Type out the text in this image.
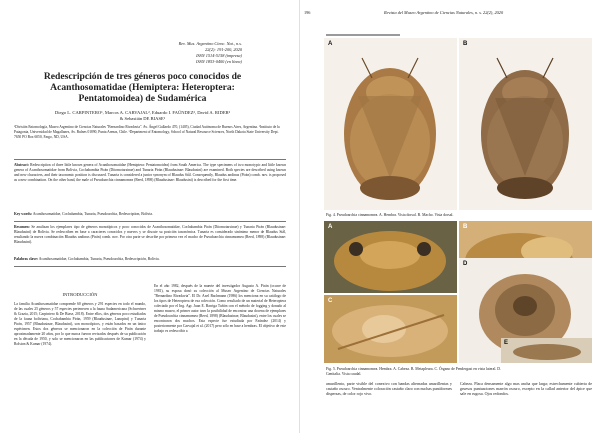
Rev. Mus. Argentino Cienc. Nat., n.s.
22(2): 191-200, 2020
ISSN 1514-5158 (impresa)
ISSN 1853-0400 (en línea)
Redescripción de tres géneros poco conocidos de
Acanthosomatidae (Hemiptera: Heteroptera:
Pentatomoidea) de Sudamérica
Diego L. CARPINTERO¹, Marcos A. CARVAJAL², Eduardo I. FAÚNDEZ², David A. RIDER³
& Sebastián DE BIASE¹
¹División Entomología, Museo Argentino de Ciencias Naturales "Bernardino Rivadavia". Av. Ángel Gallardo 470, (1405), Ciudad Autónoma de Buenos Aires, Argentina. ²Instituto de la Patagonia, Universidad de Magallanes, Av. Bulnes 01890, Punta Arenas, Chile. ³Department of Entomology, School of Natural Resource Sciences, North Dakota State University Dept. 7650 PO Box 6050, Fargo, ND, USA.
Abstract: Redescription of three little known genera of Acanthosomatidae (Hemiptera: Pentatomoidea) from South America. The type specimens of two monotypic and little known genera of Acanthosomatidae from Bolivia, Cochabambia Pirán (Ditomotarsinae) and Tunaria Pirán (Blaudusinae: Blaudusini) are examined. Both species are described using known and new characters, and their taxonomic position is discussed. Tunaria is considered a junior synonym of Blaudus Stål. Consequently, Blaudus andinus (Pirán) comb. nov. is proposed as a new combination. On the other hand, the male of Pseudoarchia cinnamomea (Reed, 1898) (Blaudusinae: Blaudusini) is described for the first time.
Key words: Acanthosomatidae, Cochabambia, Tunaria, Pseudoarchia, Redescription, Bolivia.
Resumen: Se analizan los ejemplares tipo de géneros monotípicos y poco conocidos de Acanthosomatidae, Cochabambia Pirán (Ditomotarsinae) y Tunaria Pirán (Blaudusinae: Blaudusini) de Bolivia. Se redescriben en base a caracteres conocidos y nuevos y se discute su posición taxonómica. Tunaria es considerado sinónimo menor de Blaudus Stål, resultando la nueva combinación Blaudus andinus (Pirán) comb. nov. Por otra parte se describe por primera vez el macho de Pseudoarchia cinnamomea (Reed, 1898) (Blaudusinae: Blaudusini).
Palabras clave: Acanthosomatidae, Cochabambia, Tunaria, Pseudoarchia, Redescripción, Bolivia.
INTRODUCCIÓN
La familia Acanthosomatidae comprende 60 géneros y 291 especies en todo el mundo, de las cuales 25 géneros y 57 especies pertenecen a la fauna Sudamericana (Schwertner & Grazia, 2015; Carpintero & De Biase, 2018). Entre ellos, dos géneros poco estudiados de la fauna boliviana, Cochabambia Pirán, 1959 (Blaudusinae, Lanopini) y Tunaria Pirán, 1957 (Blaudusinae, Blaudusini), son monotípicos, y están basados en un único espécimen. Estos dos géneros se mencionaron en la colección de Pirán durante aproximadamente 20 años, por lo que nunca fueron revisados después de su publicación en la década de 1950, y solo se mencionaron en las publicaciones de Kumar (1974) y Rolston & Kumar (1974).
En el año 1982, después de la muerte del investigador Augusto A. Pirán (ocurre de 1981), su esposa donó su colección al Museo Argentino de Ciencias Naturales "Bernardino Rivadavia". El Dr. Axel Bachmann (1986) los menciona en su catálogo de los tipos de Heteroptera de esa colección. Como resultado de un material de Heteroptera colectado por el Ing. Agr. Juan E. Barriga Tuñón con el método de fogging y donado al mismo museo, el primer autor tuvo la posibilidad de encontrar una docena de ejemplares de Pseudoarchia cinnamomea (Reed, 1898) (Blaudusinae, Blaudusini), entre los cuales se encontraron dos machos. Esta especie fue estudiada por Faúndez (2014) y posteriormente por Carvajal et al. (2017) pero sólo en base a hembras. El objetivo de este trabajo es redescribir a
196	Revista del Museo Argentino de Ciencias Naturales, n. s. 22(2), 2020
A	B
Fig. 4. Pseudoarchia cinnamomea. A. Hembra. Vista dorsal. B. Macho. Vista dorsal.
A	B
C
D
E
Fig. 5. Pseudoarchia cinnamomea. Hembra. A. Cabeza. B. Metapleura. C. Órgano de Pendergast en vista lateral. D.
Genitalia. Vista caudal.
amarillento, parte visible del conexivo con bandas alternadas amarillentas y castaño oscuro. Ventralmente coloración castaño claro con nuchas puntiformes dispersas, de color rojo vivo.
Cabeza. Placa densamente algo mas ancha que larga; estrechamente cubierta de gruesos puntuaciones marrón oscuro, excepto en la callad anterior del ápice que sale en rugosa. Ojos redondos.
